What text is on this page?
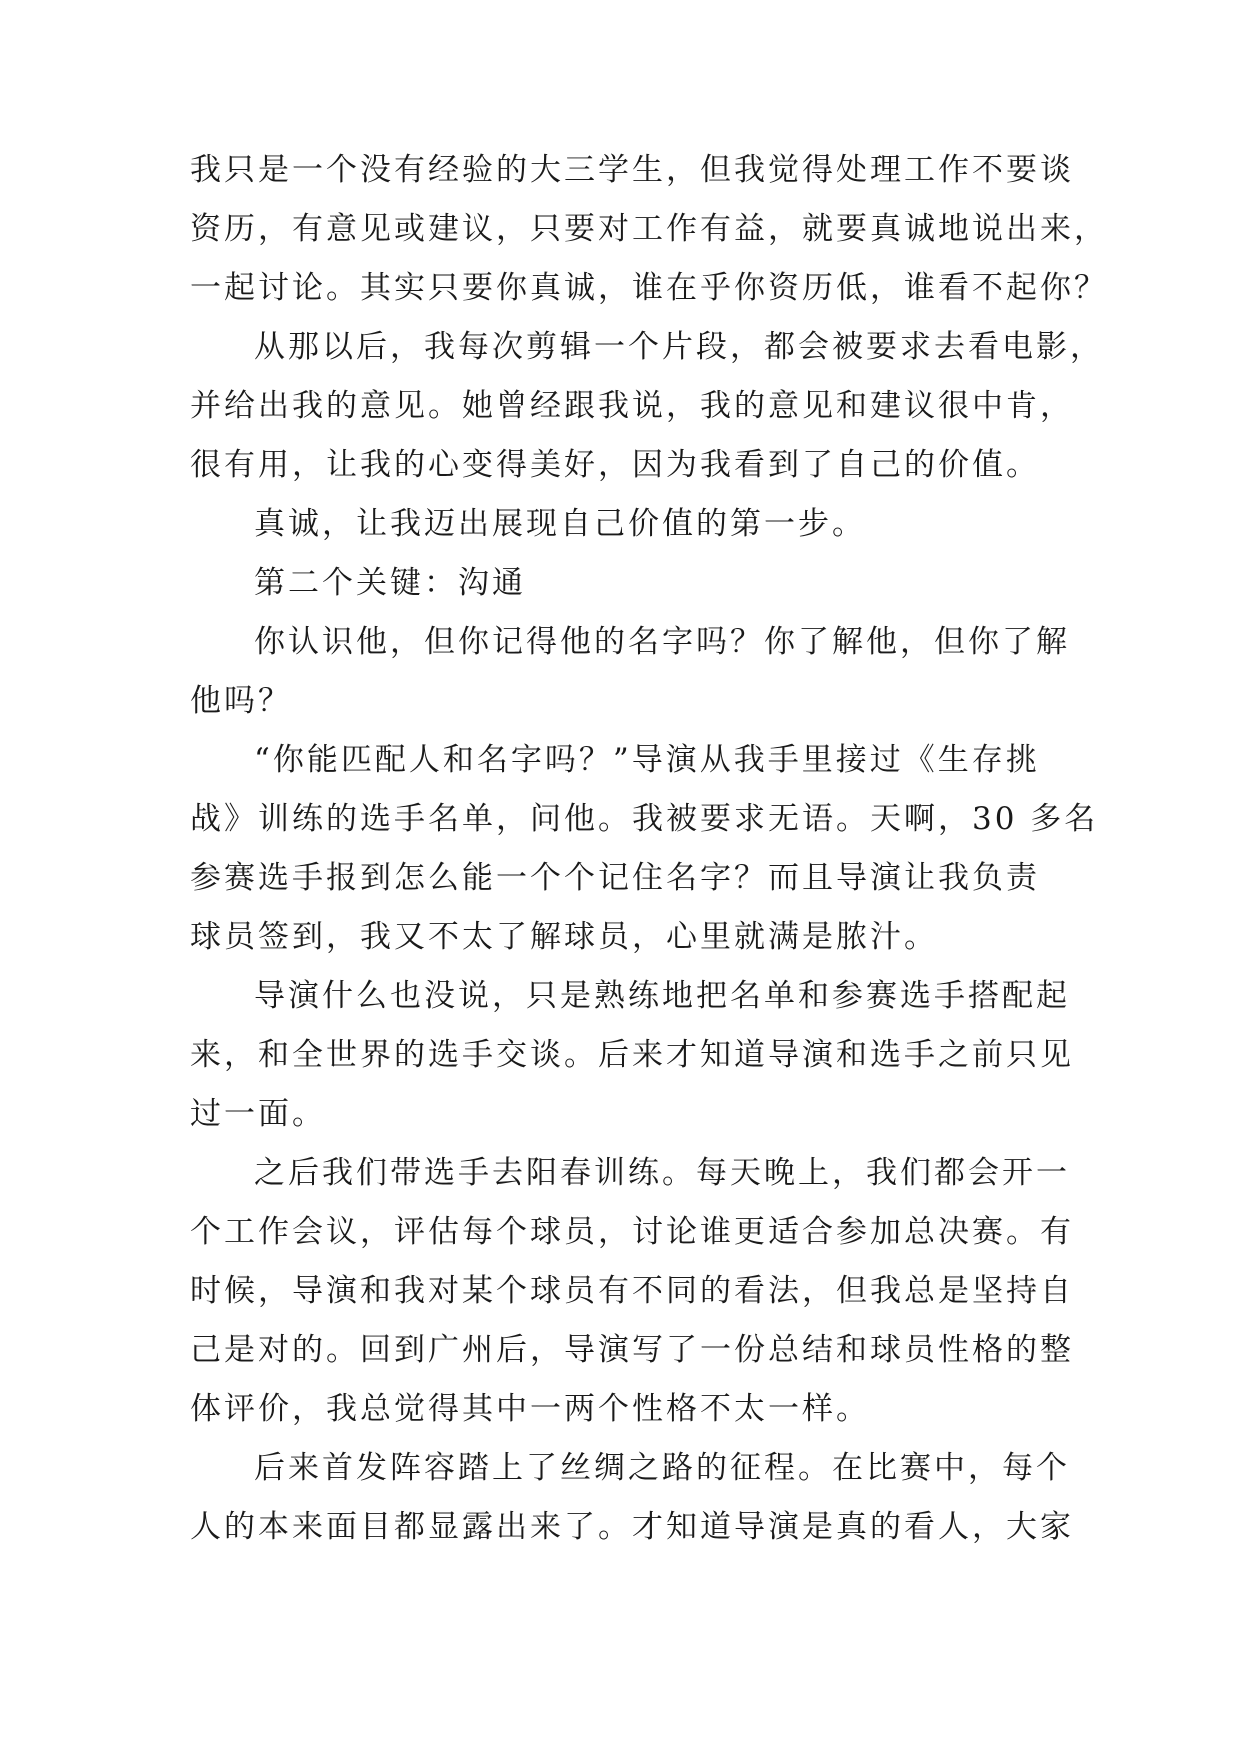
我只是一个没有经验的大三学生，但我觉得处理工作不要谈
资历，有意见或建议，只要对工作有益，就要真诚地说出来，
一起讨论。其实只要你真诚，谁在乎你资历低，谁看不起你？
从那以后，我每次剪辑一个片段，都会被要求去看电影，
并给出我的意见。她曾经跟我说，我的意见和建议很中肯，
很有用，让我的心变得美好，因为我看到了自己的价值。
真诚，让我迈出展现自己价值的第一步。
第二个关键：沟通
你认识他，但你记得他的名字吗？你了解他，但你了解
他吗？
“你能匹配人和名字吗？”导演从我手里接过《生存挑
战》训练的选手名单，问他。我被要求无语。天啊，30 多名
参赛选手报到怎么能一个个记住名字？而且导演让我负责
球员签到，我又不太了解球员，心里就满是脓汁。
导演什么也没说，只是熟练地把名单和参赛选手搭配起
来，和全世界的选手交谈。后来才知道导演和选手之前只见
过一面。
之后我们带选手去阳春训练。每天晚上，我们都会开一
个工作会议，评估每个球员，讨论谁更适合参加总决赛。有
时候，导演和我对某个球员有不同的看法，但我总是坚持自
己是对的。回到广州后，导演写了一份总结和球员性格的整
体评价，我总觉得其中一两个性格不太一样。
后来首发阵容踏上了丝绸之路的征程。在比赛中，每个
人的本来面目都显露出来了。才知道导演是真的看人，大家
